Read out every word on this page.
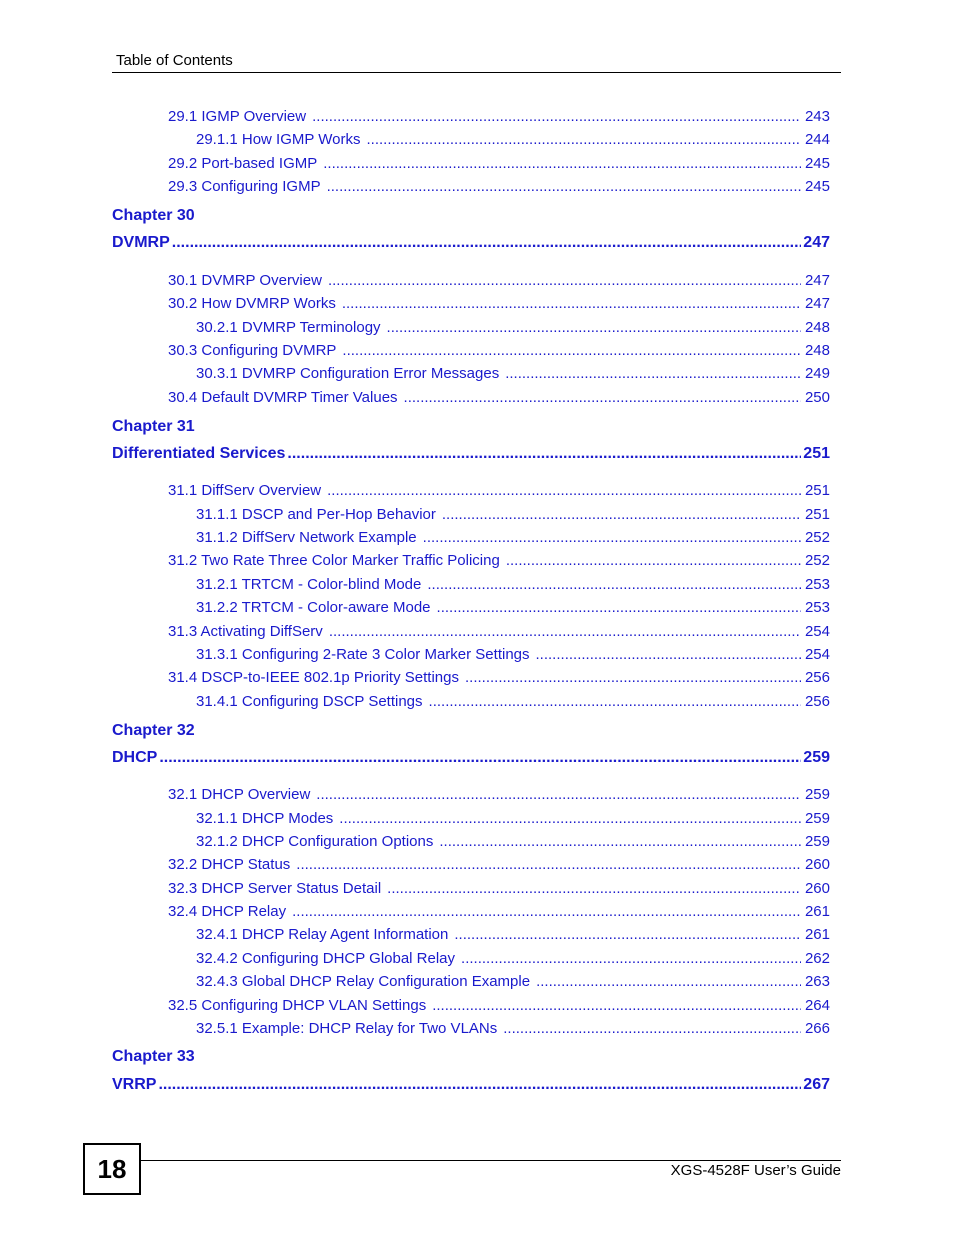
Table of Contents
29.1 IGMP Overview .....	243
29.1.1 How IGMP Works .....	244
29.2 Port-based IGMP .....	245
29.3 Configuring IGMP .....	245
Chapter 30
DVMRP .....	247
30.1 DVMRP Overview .....	247
30.2 How DVMRP Works .....	247
30.2.1 DVMRP Terminology .....	248
30.3 Configuring DVMRP .....	248
30.3.1 DVMRP Configuration Error Messages .....	249
30.4 Default DVMRP Timer Values .....	250
Chapter 31
Differentiated Services .....	251
31.1 DiffServ Overview .....	251
31.1.1 DSCP and Per-Hop Behavior .....	251
31.1.2 DiffServ Network Example .....	252
31.2 Two Rate Three Color Marker Traffic Policing .....	252
31.2.1 TRTCM - Color-blind Mode .....	253
31.2.2 TRTCM - Color-aware Mode .....	253
31.3 Activating DiffServ .....	254
31.3.1 Configuring 2-Rate 3 Color Marker Settings .....	254
31.4 DSCP-to-IEEE 802.1p Priority Settings .....	256
31.4.1 Configuring DSCP Settings .....	256
Chapter 32
DHCP .....	259
32.1 DHCP Overview .....	259
32.1.1 DHCP Modes .....	259
32.1.2 DHCP Configuration Options .....	259
32.2 DHCP Status .....	260
32.3 DHCP Server Status Detail .....	260
32.4 DHCP Relay .....	261
32.4.1 DHCP Relay Agent Information .....	261
32.4.2 Configuring DHCP Global Relay .....	262
32.4.3 Global DHCP Relay Configuration Example .....	263
32.5 Configuring DHCP VLAN Settings .....	264
32.5.1 Example: DHCP Relay for Two VLANs .....	266
Chapter 33
VRRP .....	267
18	XGS-4528F User’s Guide
